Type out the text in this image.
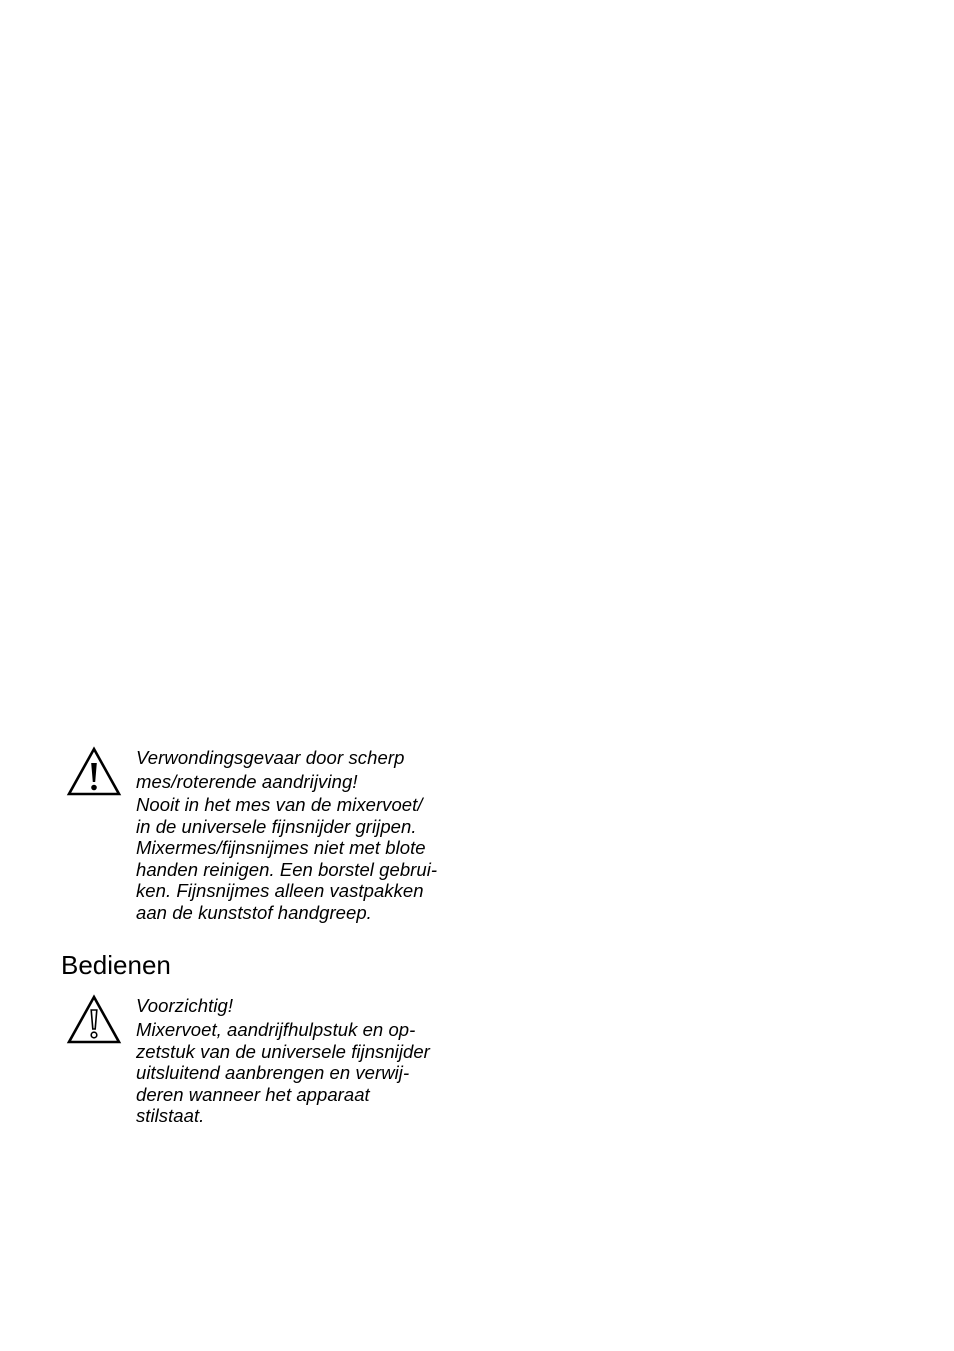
Verwondingsgevaar door scherp
mes/roterende aandrijving!

Nooit in het mes van de mixervoet/
in de universele fijnsnijder grijpen.
Mixermes/fijnsnijmes niet met blote
handen reinigen. Een borstel gebrui-
ken. Fijnsnijmes alleen vastpakken
aan de kunststof handgreep.

Bedienen

Voorzichtig!

Mixervoet, aandrijfhulpstuk en op-
zetstuk van de universele fijnsnijder
uitsluitend aanbrengen en verwij-
deren wanneer het apparaat
stilstaat.
